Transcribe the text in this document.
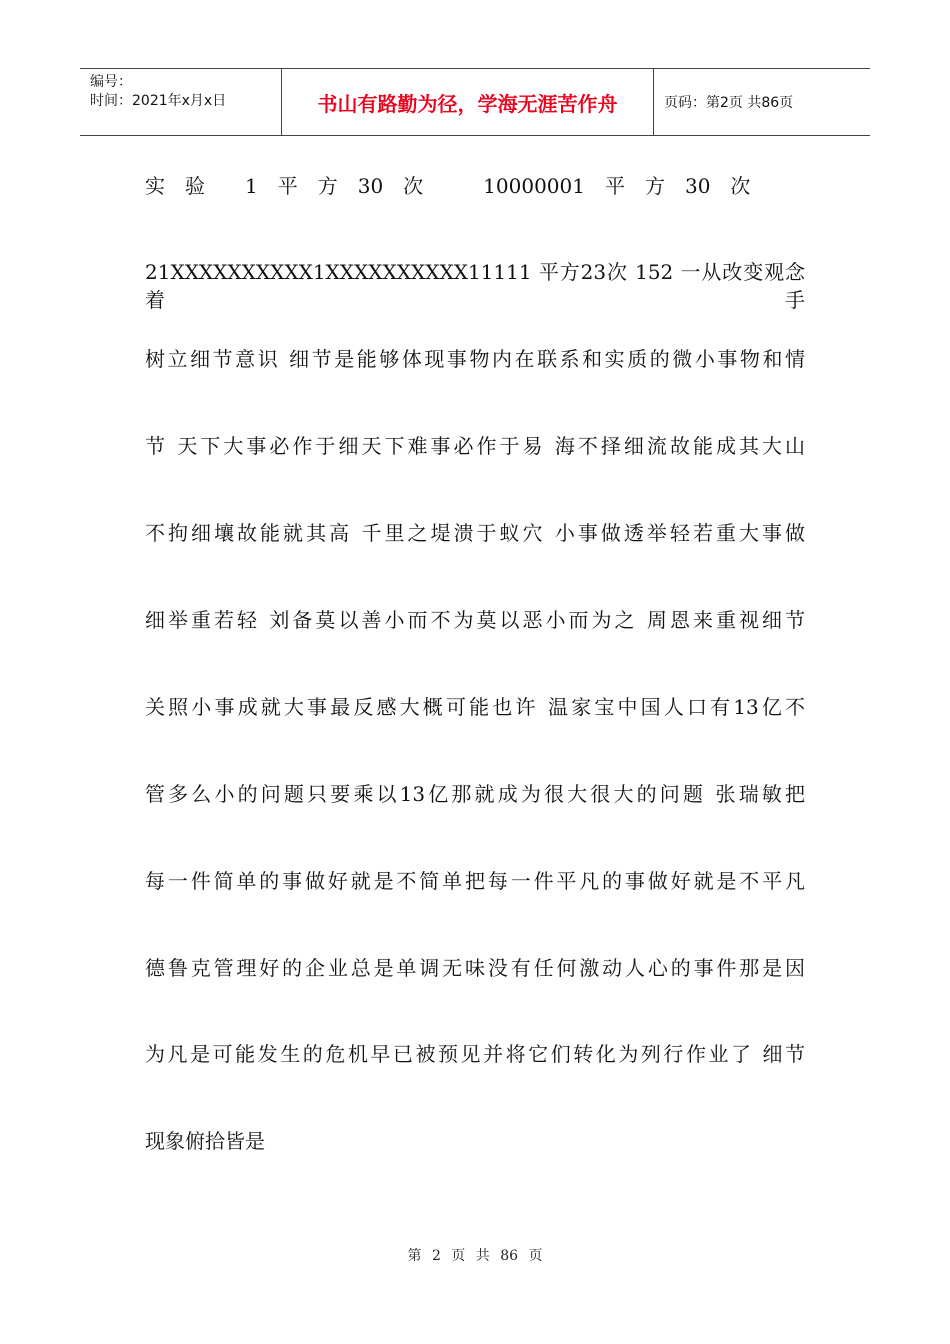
编号：
时间：2021年x月x日	书山有路勤为径，学海无涯苦作舟	页码：第2页 共86页
实　验　　1　平　方　30　次　　　10000001　平　方　30　次
21XXXXXXXXXX1XXXXXXXXXX11111 平方23次 152 一从改变观念着手
树立细节意识 细节是能够体现事物内在联系和实质的微小事物和情
节 天下大事必作于细天下难事必作于易 海不择细流故能成其大山
不拘细壤故能就其高 千里之堤溃于蚁穴 小事做透举轻若重大事做
细举重若轻 刘备莫以善小而不为莫以恶小而为之 周恩来重视细节
关照小事成就大事最反感大概可能也许 温家宝中国人口有13亿不
管多么小的问题只要乘以13亿那就成为很大很大的问题 张瑞敏把
每一件简单的事做好就是不简单把每一件平凡的事做好就是不平凡
德鲁克管理好的企业总是单调无味没有任何激动人心的事件那是因
为凡是可能发生的危机早已被预见并将它们转化为列行作业了 细节
现象俯拾皆是
第 2 页 共 86 页
